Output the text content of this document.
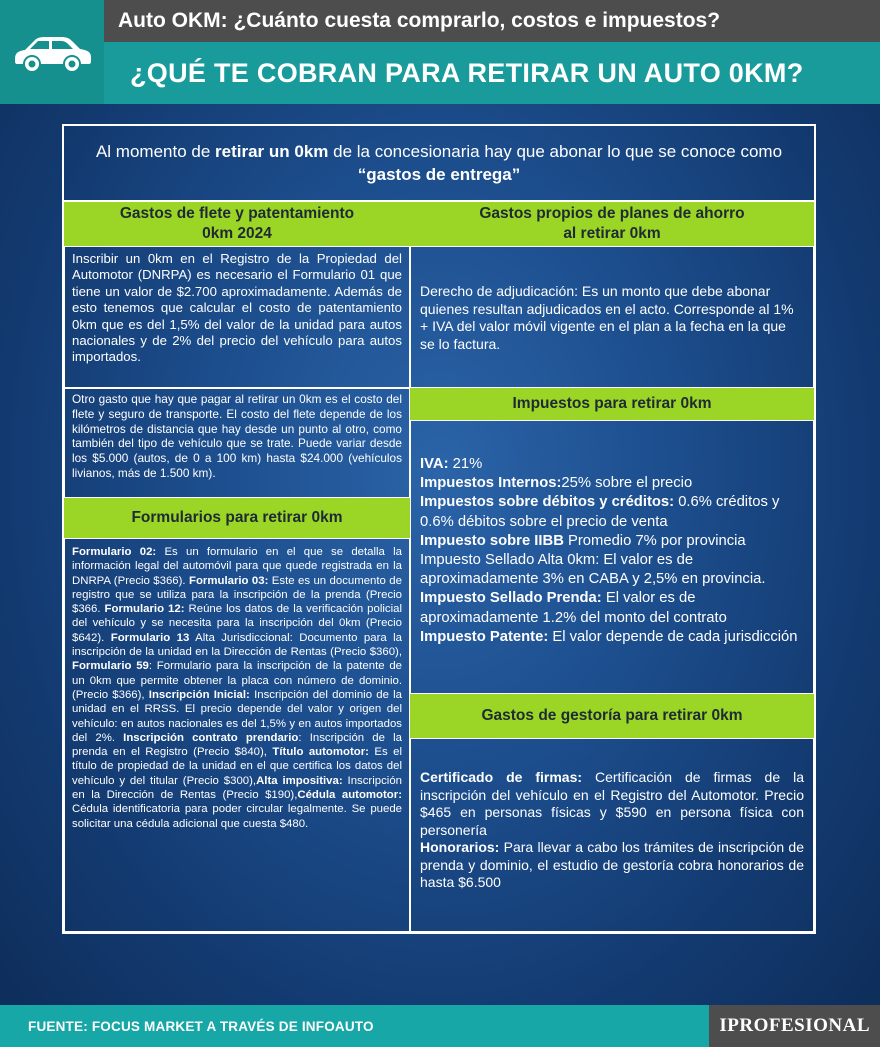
Auto OKM: ¿Cuánto cuesta comprarlo, costos e impuestos?
¿QUÉ TE COBRAN PARA RETIRAR UN AUTO 0KM?
Al momento de retirar un 0km de la concesionaria hay que abonar lo que se conoce como “gastos de entrega”
Gastos de flete y patentamiento
0km 2024
Inscribir un 0km en el Registro de la Propiedad del Automotor (DNRPA) es necesario el Formulario 01 que tiene un valor de $2.700 aproximadamente. Además de esto tenemos que calcular el costo de patentamiento 0km que es del 1,5% del valor de la unidad para autos nacionales y de 2% del precio del vehículo para autos importados.
Otro gasto que hay que pagar al retirar un 0km es el costo del flete y seguro de transporte. El costo del flete depende de los kilómetros de distancia que hay desde un punto al otro, como también del tipo de vehículo que se trate. Puede variar desde los $5.000 (autos, de 0 a 100 km) hasta $24.000 (vehículos livianos, más de 1.500 km).
Formularios para retirar 0km
Formulario 02: Es un formulario en el que se detalla la información legal del automóvil para que quede registrada en la DNRPA (Precio $366). Formulario 03: Este es un documento de registro que se utiliza para la inscripción de la prenda (Precio $366. Formulario 12: Reúne los datos de la verificación policial del vehículo y se necesita para la inscripción del 0km (Precio $642). Formulario 13 Alta Jurisdiccional: Documento para la inscripción de la unidad en la Dirección de Rentas (Precio $360), Formulario 59: Formulario para la inscripción de la patente de un 0km que permite obtener la placa con número de dominio. (Precio $366), Inscripción Inicial: Inscripción del dominio de la unidad en el RRSS. El precio depende del valor y origen del vehículo: en autos nacionales es del 1,5% y en autos importados del 2%. Inscripción contrato prendario: Inscripción de la prenda en el Registro (Precio $840), Título automotor: Es el título de propiedad de la unidad en el que certifica los datos del vehículo y del titular (Precio $300),Alta impositiva: Inscripción en la Dirección de Rentas (Precio $190),Cédula automotor: Cédula identificatoria para poder circular legalmente. Se puede solicitar una cédula adicional que cuesta $480.
Gastos propios de planes de ahorro
al retirar 0km
Derecho de adjudicación: Es un monto que debe abonar quienes resultan adjudicados en el acto. Corresponde al 1% + IVA del valor móvil vigente en el plan a la fecha en la que se lo factura.
Impuestos para retirar 0km
IVA: 21%
Impuestos Internos:25% sobre el precio
Impuestos sobre débitos y créditos: 0.6% créditos y 0.6% débitos sobre el precio de venta
Impuesto sobre IIBB Promedio 7% por provincia
Impuesto Sellado Alta 0km: El valor es de aproximadamente 3% en CABA y 2,5% en provincia.
Impuesto Sellado Prenda: El valor es de aproximadamente 1.2% del monto del contrato
Impuesto Patente: El valor depende de cada jurisdicción
Gastos de gestoría para retirar 0km
Certificado de firmas: Certificación de firmas de la inscripción del vehículo en el Registro del Automotor. Precio $465 en personas físicas y $590 en persona física con personería
Honorarios: Para llevar a cabo los trámites de inscripción de prenda y dominio, el estudio de gestoría cobra honorarios de hasta $6.500
FUENTE: FOCUS MARKET A TRAVÉS DE INFOAUTO	IPROFESIONAL
